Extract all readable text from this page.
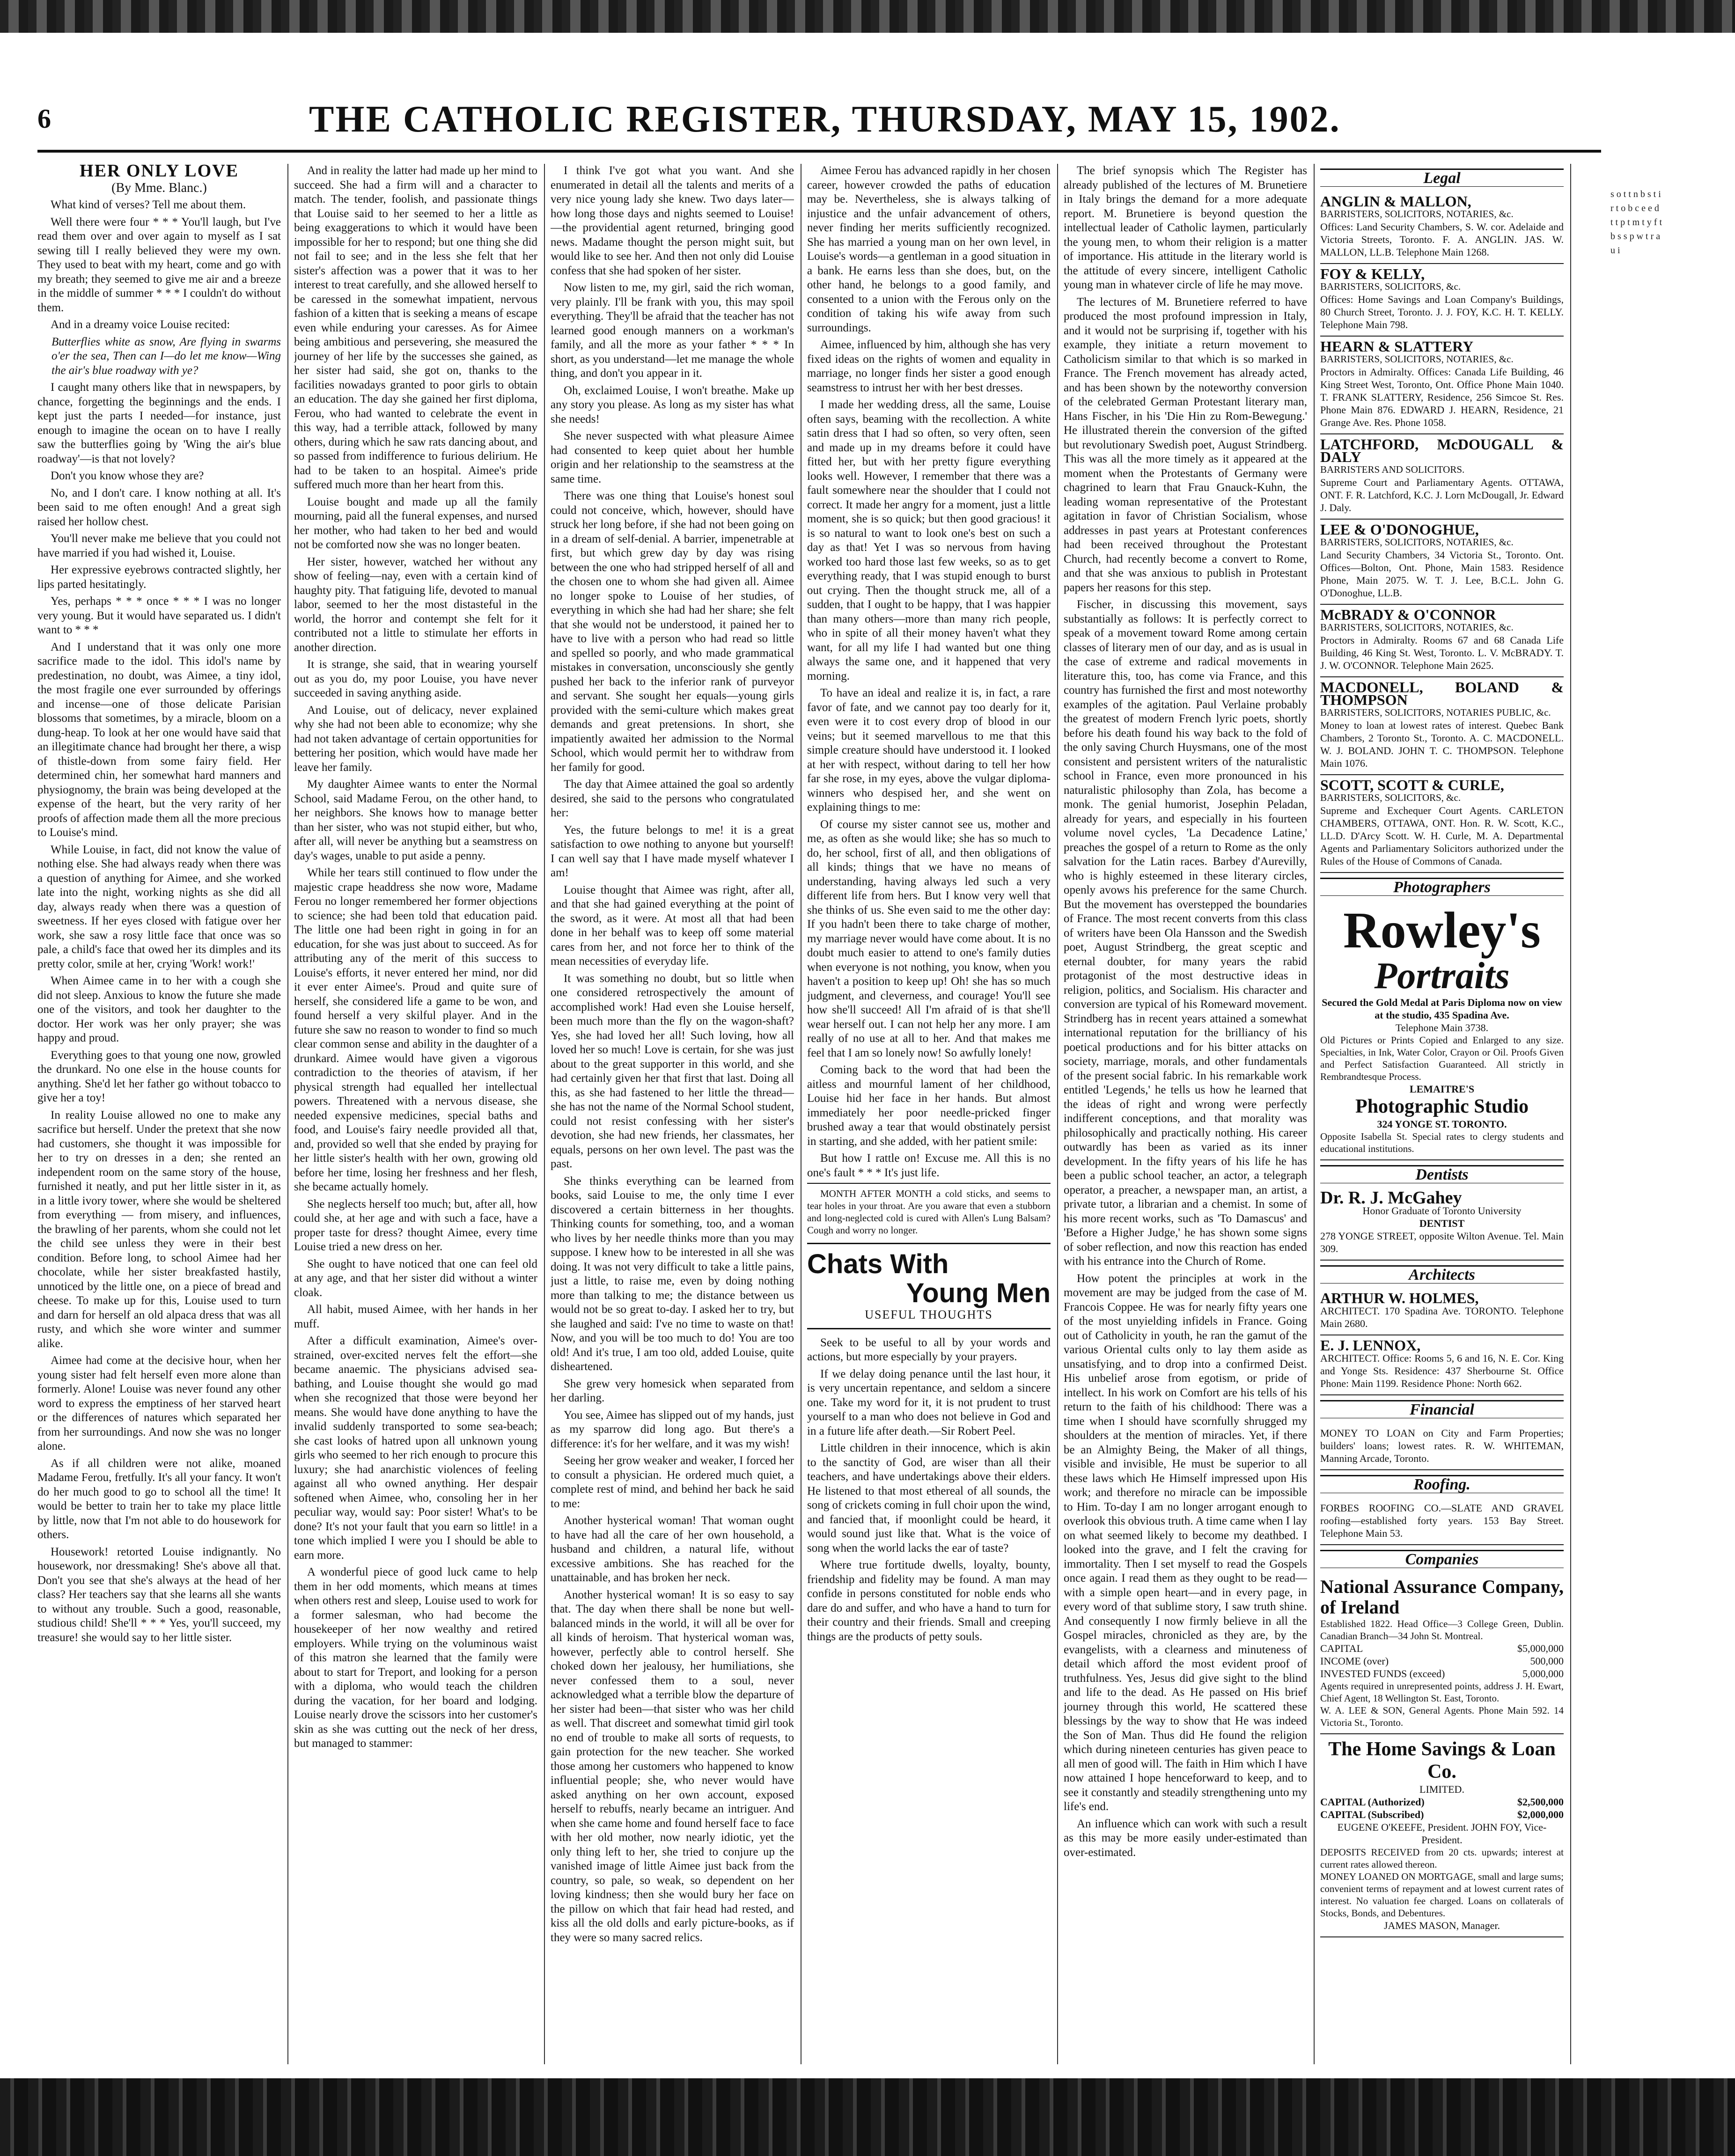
6	THE CATHOLIC REGISTER, THURSDAY, MAY 15, 1902.

HER ONLY LOVE

(By Mme. Blanc.)

What kind of verses? Tell me about them.

Well there were four * * * You'll laugh, but I've read them over and over again to myself as I sat sewing till I really believed they were my own. They used to beat with my heart, come and go with my breath; they seemed to give me air and a breeze in the middle of summer * * * I couldn't do without them.

And in a dreamy voice Louise recited:

Butterflies white as snow, Are flying in swarms o'er the sea, Then can I—do let me know—Wing the air's blue roadway with ye?

I caught many others like that in newspapers, by chance, forgetting the beginnings and the ends. I kept just the parts I needed—for instance, just enough to imagine the ocean on to have I really saw the butterflies going by 'Wing the air's blue roadway'—is that not lovely?

Don't you know whose they are?

No, and I don't care. I know nothing at all. It's been said to me often enough! And a great sigh raised her hollow chest.

You'll never make me believe that you could not have married if you had wished it, Louise.

Her expressive eyebrows contracted slightly, her lips parted hesitatingly.

Yes, perhaps * * * once * * * I was no longer very young. But it would have separated us. I didn't want to * * *

And I understand that it was only one more sacrifice made to the idol. This idol's name by predestination, no doubt, was Aimee, a tiny idol, the most fragile one ever surrounded by offerings and incense—one of those delicate Parisian blossoms that sometimes, by a miracle, bloom on a dung-heap. To look at her one would have said that an illegitimate chance had brought her there, a wisp of thistle-down from some fairy field. Her determined chin, her somewhat hard manners and physiognomy, the brain was being developed at the expense of the heart, but the very rarity of her proofs of affection made them all the more precious to Louise's mind.

While Louise, in fact, did not know the value of nothing else. She had always ready when there was a question of anything for Aimee, and she worked late into the night, working nights as she did all day, always ready when there was a question of sweetness. If her eyes closed with fatigue over her work, she saw a rosy little face that once was so pale, a child's face that owed her its dimples and its pretty color, smile at her, crying 'Work! work!'

When Aimee came in to her with a cough she did not sleep. Anxious to know the future she made one of the visitors, and took her daughter to the doctor. Her work was her only prayer; she was happy and proud.

Everything goes to that young one now, growled the drunkard. No one else in the house counts for anything. She'd let her father go without tobacco to give her a toy!

In reality Louise allowed no one to make any sacrifice but herself. Under the pretext that she now had customers, she thought it was impossible for her to try on dresses in a den; she rented an independent room on the same story of the house, furnished it neatly, and put her little sister in it, as in a little ivory tower, where she would be sheltered from everything — from misery, and influences, the brawling of her parents, whom she could not let the child see unless they were in their best condition. Before long, to school Aimee had her chocolate, while her sister breakfasted hastily, unnoticed by the little one, on a piece of bread and cheese. To make up for this, Louise used to turn and darn for herself an old alpaca dress that was all rusty, and which she wore winter and summer alike.

Aimee had come at the decisive hour, when her young sister had felt herself even more alone than formerly. Alone! Louise was never found any other word to express the emptiness of her starved heart or the differences of natures which separated her from her surroundings. And now she was no longer alone.

As if all children were not alike, moaned Madame Ferou, fretfully. It's all your fancy. It won't do her much good to go to school all the time! It would be better to train her to take my place little by little, now that I'm not able to do housework for others.

Housework! retorted Louise indignantly. No housework, nor dressmaking! She's above all that. Don't you see that she's always at the head of her class? Her teachers say that she learns all she wants to without any trouble. Such a good, reasonable, studious child! She'll * * * Yes, you'll succeed, my treasure! she would say to her little sister.

And in reality the latter had made up her mind to succeed. She had a firm will and a character to match. The tender, foolish, and passionate things that Louise said to her seemed to her a little as being exaggerations to which it would have been impossible for her to respond; but one thing she did not fail to see; and in the less she felt that her sister's affection was a power that it was to her interest to treat carefully, and she allowed herself to be caressed in the somewhat impatient, nervous fashion of a kitten that is seeking a means of escape even while enduring your caresses. As for Aimee being ambitious and persevering, she measured the journey of her life by the successes she gained, as her sister had said, she got on, thanks to the facilities nowadays granted to poor girls to obtain an education. The day she gained her first diploma, Ferou, who had wanted to celebrate the event in this way, had a terrible attack, followed by many others, during which he saw rats dancing about, and so passed from indifference to furious delirium. He had to be taken to an hospital. Aimee's pride suffered much more than her heart from this.

Louise bought and made up all the family mourning, paid all the funeral expenses, and nursed her mother, who had taken to her bed and would not be comforted now she was no longer beaten.

Her sister, however, watched her without any show of feeling—nay, even with a certain kind of haughty pity. That fatiguing life, devoted to manual labor, seemed to her the most distasteful in the world, the horror and contempt she felt for it contributed not a little to stimulate her efforts in another direction.

It is strange, she said, that in wearing yourself out as you do, my poor Louise, you have never succeeded in saving anything aside.

And Louise, out of delicacy, never explained why she had not been able to economize; why she had not taken advantage of certain opportunities for bettering her position, which would have made her leave her family.

My daughter Aimee wants to enter the Normal School, said Madame Ferou, on the other hand, to her neighbors. She knows how to manage better than her sister, who was not stupid either, but who, after all, will never be anything but a seamstress on day's wages, unable to put aside a penny.

While her tears still continued to flow under the majestic crape headdress she now wore, Madame Ferou no longer remembered her former objections to science; she had been told that education paid. The little one had been right in going in for an education, for she was just about to succeed. As for attributing any of the merit of this success to Louise's efforts, it never entered her mind, nor did it ever enter Aimee's. Proud and quite sure of herself, she considered life a game to be won, and found herself a very skilful player. And in the future she saw no reason to wonder to find so much clear common sense and ability in the daughter of a drunkard. Aimee would have given a vigorous contradiction to the theories of atavism, if her physical strength had equalled her intellectual powers. Threatened with a nervous disease, she needed expensive medicines, special baths and food, and Louise's fairy needle provided all that, and, provided so well that she ended by praying for her little sister's health with her own, growing old before her time, losing her freshness and her flesh, she became actually homely.

She neglects herself too much; but, after all, how could she, at her age and with such a face, have a proper taste for dress? thought Aimee, every time Louise tried a new dress on her.

She ought to have noticed that one can feel old at any age, and that her sister did without a winter cloak.

All habit, mused Aimee, with her hands in her muff.

After a difficult examination, Aimee's over-strained, over-excited nerves felt the effort—she became anaemic. The physicians advised sea-bathing, and Louise thought she would go mad when she recognized that those were beyond her means. She would have done anything to have the invalid suddenly transported to some sea-beach; she cast looks of hatred upon all unknown young girls who seemed to her rich enough to procure this luxury; she had anarchistic violences of feeling against all who owned anything. Her despair softened when Aimee, who, consoling her in her peculiar way, would say: Poor sister! What's to be done? It's not your fault that you earn so little! in a tone which implied I were you I should be able to earn more.

A wonderful piece of good luck came to help them in her odd moments, which means at times when others rest and sleep, Louise used to work for a former salesman, who had become the housekeeper of her now wealthy and retired employers. While trying on the voluminous waist of this matron she learned that the family were about to start for Treport, and looking for a person with a diploma, who would teach the children during the vacation, for her board and lodging. Louise nearly drove the scissors into her customer's skin as she was cutting out the neck of her dress, but managed to stammer:

I think I've got what you want. And she enumerated in detail all the talents and merits of a very nice young lady she knew. Two days later—how long those days and nights seemed to Louise!—the providential agent returned, bringing good news. Madame thought the person might suit, but would like to see her. And then not only did Louise confess that she had spoken of her sister.

Now listen to me, my girl, said the rich woman, very plainly. I'll be frank with you, this may spoil everything. They'll be afraid that the teacher has not learned good enough manners on a workman's family, and all the more as your father * * * In short, as you understand—let me manage the whole thing, and don't you appear in it.

Oh, exclaimed Louise, I won't breathe. Make up any story you please. As long as my sister has what she needs!

She never suspected with what pleasure Aimee had consented to keep quiet about her humble origin and her relationship to the seamstress at the same time.

There was one thing that Louise's honest soul could not conceive, which, however, should have struck her long before, if she had not been going on in a dream of self-denial. A barrier, impenetrable at first, but which grew day by day was rising between the one who had stripped herself of all and the chosen one to whom she had given all. Aimee no longer spoke to Louise of her studies, of everything in which she had had her share; she felt that she would not be understood, it pained her to have to live with a person who had read so little and spelled so poorly, and who made grammatical mistakes in conversation, unconsciously she gently pushed her back to the inferior rank of purveyor and servant. She sought her equals—young girls provided with the semi-culture which makes great demands and great pretensions. In short, she impatiently awaited her admission to the Normal School, which would permit her to withdraw from her family for good.

The day that Aimee attained the goal so ardently desired, she said to the persons who congratulated her:

Yes, the future belongs to me! it is a great satisfaction to owe nothing to anyone but yourself! I can well say that I have made myself whatever I am!

Louise thought that Aimee was right, after all, and that she had gained everything at the point of the sword, as it were. At most all that had been done in her behalf was to keep off some material cares from her, and not force her to think of the mean necessities of everyday life.

It was something no doubt, but so little when one considered retrospectively the amount of accomplished work! Had even she Louise herself, been much more than the fly on the wagon-shaft? Yes, she had loved her all! Such loving, how all loved her so much! Love is certain, for she was just about to the great supporter in this world, and she had certainly given her that first that last. Doing all this, as she had fastened to her little the thread—she has not the name of the Normal School student, could not resist confessing with her sister's devotion, she had new friends, her classmates, her equals, persons on her own level. The past was the past.

She thinks everything can be learned from books, said Louise to me, the only time I ever discovered a certain bitterness in her thoughts. Thinking counts for something, too, and a woman who lives by her needle thinks more than you may suppose. I knew how to be interested in all she was doing. It was not very difficult to take a little pains, just a little, to raise me, even by doing nothing more than talking to me; the distance between us would not be so great to-day. I asked her to try, but she laughed and said: I've no time to waste on that! Now, and you will be too much to do! You are too old! And it's true, I am too old, added Louise, quite disheartened.

She grew very homesick when separated from her darling.

You see, Aimee has slipped out of my hands, just as my sparrow did long ago. But there's a difference: it's for her welfare, and it was my wish!

Seeing her grow weaker and weaker, I forced her to consult a physician. He ordered much quiet, a complete rest of mind, and behind her back he said to me:

Another hysterical woman! That woman ought to have had all the care of her own household, a husband and children, a natural life, without excessive ambitions. She has reached for the unattainable, and has broken her neck.

Another hysterical woman! It is so easy to say that. The day when there shall be none but well-balanced minds in the world, it will all be over for all kinds of heroism. That hysterical woman was, however, perfectly able to control herself. She choked down her jealousy, her humiliations, she never confessed them to a soul, never acknowledged what a terrible blow the departure of her sister had been—that sister who was her child as well. That discreet and somewhat timid girl took no end of trouble to make all sorts of requests, to gain protection for the new teacher. She worked those among her customers who happened to know influential people; she, who never would have asked anything on her own account, exposed herself to rebuffs, nearly became an intriguer. And when she came home and found herself face to face with her old mother, now nearly idiotic, yet the only thing left to her, she tried to conjure up the vanished image of little Aimee just back from the country, so pale, so weak, so dependent on her loving kindness; then she would bury her face on the pillow on which that fair head had rested, and kiss all the old dolls and early picture-books, as if they were so many sacred relics.

Aimee Ferou has advanced rapidly in her chosen career, however crowded the paths of education may be. Nevertheless, she is always talking of injustice and the unfair advancement of others, never finding her merits sufficiently recognized. She has married a young man on her own level, in Louise's words—a gentleman in a good situation in a bank. He earns less than she does, but, on the other hand, he belongs to a good family, and consented to a union with the Ferous only on the condition of taking his wife away from such surroundings.

Aimee, influenced by him, although she has very fixed ideas on the rights of women and equality in marriage, no longer finds her sister a good enough seamstress to intrust her with her best dresses.

I made her wedding dress, all the same, Louise often says, beaming with the recollection. A white satin dress that I had so often, so very often, seen and made up in my dreams before it could have fitted her, but with her pretty figure everything looks well. However, I remember that there was a fault somewhere near the shoulder that I could not correct. It made her angry for a moment, just a little moment, she is so quick; but then good gracious! it is so natural to want to look one's best on such a day as that! Yet I was so nervous from having worked too hard those last few weeks, so as to get everything ready, that I was stupid enough to burst out crying. Then the thought struck me, all of a sudden, that I ought to be happy, that I was happier than many others—more than many rich people, who in spite of all their money haven't what they want, for all my life I had wanted but one thing always the same one, and it happened that very morning.

To have an ideal and realize it is, in fact, a rare favor of fate, and we cannot pay too dearly for it, even were it to cost every drop of blood in our veins; but it seemed marvellous to me that this simple creature should have understood it. I looked at her with respect, without daring to tell her how far she rose, in my eyes, above the vulgar diploma-winners who despised her, and she went on explaining things to me:

Of course my sister cannot see us, mother and me, as often as she would like; she has so much to do, her school, first of all, and then obligations of all kinds; things that we have no means of understanding, having always led such a very different life from hers. But I know very well that she thinks of us. She even said to me the other day: If you hadn't been there to take charge of mother, my marriage never would have come about. It is no doubt much easier to attend to one's family duties when everyone is not nothing, you know, when you haven't a position to keep up! Oh! she has so much judgment, and cleverness, and courage! You'll see how she'll succeed! All I'm afraid of is that she'll wear herself out. I can not help her any more. I am really of no use at all to her. And that makes me feel that I am so lonely now! So awfully lonely!

Coming back to the word that had been the aitless and mournful lament of her childhood, Louise hid her face in her hands. But almost immediately her poor needle-pricked finger brushed away a tear that would obstinately persist in starting, and she added, with her patient smile:

But how I rattle on! Excuse me. All this is no one's fault * * * It's just life.

MONTH AFTER MONTH a cold sticks, and seems to tear holes in your throat. Are you aware that even a stubborn and long-neglected cold is cured with Allen's Lung Balsam? Cough and worry no longer.

Chats With
Young Men
USEFUL THOUGHTS

Seek to be useful to all by your words and actions, but more especially by your prayers.

If we delay doing penance until the last hour, it is very uncertain repentance, and seldom a sincere one. Take my word for it, it is not prudent to trust yourself to a man who does not believe in God and in a future life after death.—Sir Robert Peel.

Little children in their innocence, which is akin to the sanctity of God, are wiser than all their teachers, and have undertakings above their elders. He listened to that most ethereal of all sounds, the song of crickets coming in full choir upon the wind, and fancied that, if moonlight could be heard, it would sound just like that. What is the voice of song when the world lacks the ear of taste?

Where true fortitude dwells, loyalty, bounty, friendship and fidelity may be found. A man may confide in persons constituted for noble ends who dare do and suffer, and who have a hand to turn for their country and their friends. Small and creeping things are the products of petty souls.

The brief synopsis which The Register has already published of the lectures of M. Brunetiere in Italy brings the demand for a more adequate report. M. Brunetiere is beyond question the intellectual leader of Catholic laymen, particularly the young men, to whom their religion is a matter of importance. His attitude in the literary world is the attitude of every sincere, intelligent Catholic young man in whatever circle of life he may move.

The lectures of M. Brunetiere referred to have produced the most profound impression in Italy, and it would not be surprising if, together with his example, they initiate a return movement to Catholicism similar to that which is so marked in France. The French movement has already acted, and has been shown by the noteworthy conversion of the celebrated German Protestant literary man, Hans Fischer, in his 'Die Hin zu Rom-Bewegung.' He illustrated therein the conversion of the gifted but revolutionary Swedish poet, August Strindberg. This was all the more timely as it appeared at the moment when the Protestants of Germany were chagrined to learn that Frau Gnauck-Kuhn, the leading woman representative of the Protestant agitation in favor of Christian Socialism, whose addresses in past years at Protestant conferences had been received throughout the Protestant Church, had recently become a convert to Rome, and that she was anxious to publish in Protestant papers her reasons for this step.

Fischer, in discussing this movement, says substantially as follows: It is perfectly correct to speak of a movement toward Rome among certain classes of literary men of our day, and as is usual in the case of extreme and radical movements in literature this, too, has come via France, and this country has furnished the first and most noteworthy examples of the agitation. Paul Verlaine probably the greatest of modern French lyric poets, shortly before his death found his way back to the fold of the only saving Church Huysmans, one of the most consistent and persistent writers of the naturalistic school in France, even more pronounced in his naturalistic philosophy than Zola, has become a monk. The genial humorist, Josephin Peladan, already for years, and especially in his fourteen volume novel cycles, 'La Decadence Latine,' preaches the gospel of a return to Rome as the only salvation for the Latin races. Barbey d'Aurevilly, who is highly esteemed in these literary circles, openly avows his preference for the same Church. But the movement has overstepped the boundaries of France. The most recent converts from this class of writers have been Ola Hansson and the Swedish poet, August Strindberg, the great sceptic and eternal doubter, for many years the rabid protagonist of the most destructive ideas in religion, politics, and Socialism. His character and conversion are typical of his Romeward movement. Strindberg has in recent years attained a somewhat international reputation for the brilliancy of his poetical productions and for his bitter attacks on society, marriage, morals, and other fundamentals of the present social fabric. In his remarkable work entitled 'Legends,' he tells us how he learned that the ideas of right and wrong were perfectly indifferent conceptions, and that morality was philosophically and practically nothing. His career outwardly has been as varied as its inner development. In the fifty years of his life he has been a public school teacher, an actor, a telegraph operator, a preacher, a newspaper man, an artist, a private tutor, a librarian and a chemist. In some of his more recent works, such as 'To Damascus' and 'Before a Higher Judge,' he has shown some signs of sober reflection, and now this reaction has ended with his entrance into the Church of Rome.

How potent the principles at work in the movement are may be judged from the case of M. Francois Coppee. He was for nearly fifty years one of the most unyielding infidels in France. Going out of Catholicity in youth, he ran the gamut of the various Oriental cults only to lay them aside as unsatisfying, and to drop into a confirmed Deist. His unbelief arose from egotism, or pride of intellect. In his work on Comfort are his tells of his return to the faith of his childhood: There was a time when I should have scornfully shrugged my shoulders at the mention of miracles. Yet, if there be an Almighty Being, the Maker of all things, visible and invisible, He must be superior to all these laws which He Himself impressed upon His work; and therefore no miracle can be impossible to Him. To-day I am no longer arrogant enough to overlook this obvious truth. A time came when I lay on what seemed likely to become my deathbed. I looked into the grave, and I felt the craving for immortality. Then I set myself to read the Gospels once again. I read them as they ought to be read—with a simple open heart—and in every page, in every word of that sublime story, I saw truth shine. And consequently I now firmly believe in all the Gospel miracles, chronicled as they are, by the evangelists, with a clearness and minuteness of detail which afford the most evident proof of truthfulness. Yes, Jesus did give sight to the blind and life to the dead. As He passed on His brief journey through this world, He scattered these blessings by the way to show that He was indeed the Son of Man. Thus did He found the religion which during nineteen centuries has given peace to all men of good will. The faith in Him which I have now attained I hope henceforward to keep, and to see it constantly and steadily strengthening unto my life's end.

An influence which can work with such a result as this may be more easily under-estimated than over-estimated.

Legal
ANGLIN & MALLON,
BARRISTERS, SOLICITORS, NOTARIES, &c.
Offices: Land Security Chambers, S. W. cor. Adelaide and Victoria Streets, Toronto. F. A. ANGLIN. JAS. W. MALLON, LL.B. Telephone Main 1268.
FOY & KELLY,
BARRISTERS, SOLICITORS, &c.
Offices: Home Savings and Loan Company's Buildings, 80 Church Street, Toronto. J. J. FOY, K.C. H. T. KELLY. Telephone Main 798.
HEARN & SLATTERY
BARRISTERS, SOLICITORS, NOTARIES, &c.
Proctors in Admiralty. Offices: Canada Life Building, 46 King Street West, Toronto, Ont. Office Phone Main 1040. T. FRANK SLATTERY, Residence, 256 Simcoe St. Res. Phone Main 876. EDWARD J. HEARN, Residence, 21 Grange Ave. Res. Phone 1058.
LATCHFORD, McDOUGALL & DALY
BARRISTERS AND SOLICITORS.
Supreme Court and Parliamentary Agents. OTTAWA, ONT. F. R. Latchford, K.C. J. Lorn McDougall, Jr. Edward J. Daly.
LEE & O'DONOGHUE,
BARRISTERS, SOLICITORS, NOTARIES, &c.
Land Security Chambers, 34 Victoria St., Toronto. Ont. Offices—Bolton, Ont. Phone, Main 1583. Residence Phone, Main 2075. W. T. J. Lee, B.C.L. John G. O'Donoghue, LL.B.
McBRADY & O'CONNOR
BARRISTERS, SOLICITORS, NOTARIES, &c.
Proctors in Admiralty. Rooms 67 and 68 Canada Life Building, 46 King St. West, Toronto. L. V. McBRADY. T. J. W. O'CONNOR. Telephone Main 2625.
MACDONELL, BOLAND & THOMPSON
BARRISTERS, SOLICITORS, NOTARIES PUBLIC, &c.
Money to loan at lowest rates of interest. Quebec Bank Chambers, 2 Toronto St., Toronto. A. C. MACDONELL. W. J. BOLAND. JOHN T. C. THOMPSON. Telephone Main 1076.
SCOTT, SCOTT & CURLE,
BARRISTERS, SOLICITORS, &c.
Supreme and Exchequer Court Agents. CARLETON CHAMBERS, OTTAWA, ONT. Hon. R. W. Scott, K.C., LL.D. D'Arcy Scott. W. H. Curle, M. A. Departmental Agents and Parliamentary Solicitors authorized under the Rules of the House of Commons of Canada.
Photographers
Rowley's
Portraits
Secured the Gold Medal at Paris Diploma now on view at the studio, 435 Spadina Ave.
Telephone Main 3738.
Old Pictures or Prints Copied and Enlarged to any size. Specialties, in Ink, Water Color, Crayon or Oil. Proofs Given and Perfect Satisfaction Guaranteed. All strictly in Rembrandtesque Process.
LEMAITRE'S
Photographic Studio
324 YONGE ST. TORONTO.
Opposite Isabella St. Special rates to clergy students and educational institutions.
Dentists
Dr. R. J. McGahey
Honor Graduate of Toronto University
DENTIST
278 YONGE STREET, opposite Wilton Avenue. Tel. Main 309.
Architects
ARTHUR W. HOLMES,
ARCHITECT. 170 Spadina Ave. TORONTO. Telephone Main 2680.
E. J. LENNOX,
ARCHITECT. Office: Rooms 5, 6 and 16, N. E. Cor. King and Yonge Sts. Residence: 437 Sherbourne St. Office Phone: Main 1199. Residence Phone: North 662.
Financial
MONEY TO LOAN on City and Farm Properties; builders' loans; lowest rates. R. W. WHITEMAN, Manning Arcade, Toronto.
Roofing.
FORBES ROOFING CO.—SLATE AND GRAVEL roofing—established forty years. 153 Bay Street. Telephone Main 53.
Companies
National Assurance Company, of Ireland
Established 1822. Head Office—3 College Green, Dublin. Canadian Branch—34 John St. Montreal.
CAPITAL	$5,000,000
INCOME (over)	500,000
INVESTED FUNDS (exceed)	5,000,000
Agents required in unrepresented points, address J. H. Ewart, Chief Agent, 18 Wellington St. East, Toronto.
W. A. LEE & SON, General Agents. Phone Main 592. 14 Victoria St., Toronto.
The Home Savings & Loan Co.
LIMITED.
CAPITAL (Authorized)	$2,500,000
CAPITAL (Subscribed)	$2,000,000
EUGENE O'KEEFE, President. JOHN FOY, Vice-President.
DEPOSITS RECEIVED from 20 cts. upwards; interest at current rates allowed thereon.
MONEY LOANED ON MORTGAGE, small and large sums; convenient terms of repayment and at lowest current rates of interest. No valuation fee charged. Loans on collaterals of Stocks, Bonds, and Debentures.
JAMES MASON, Manager.
s o t t n b s t i r t o b c e e d t t p t m t y f t b s s p w t r a u i
